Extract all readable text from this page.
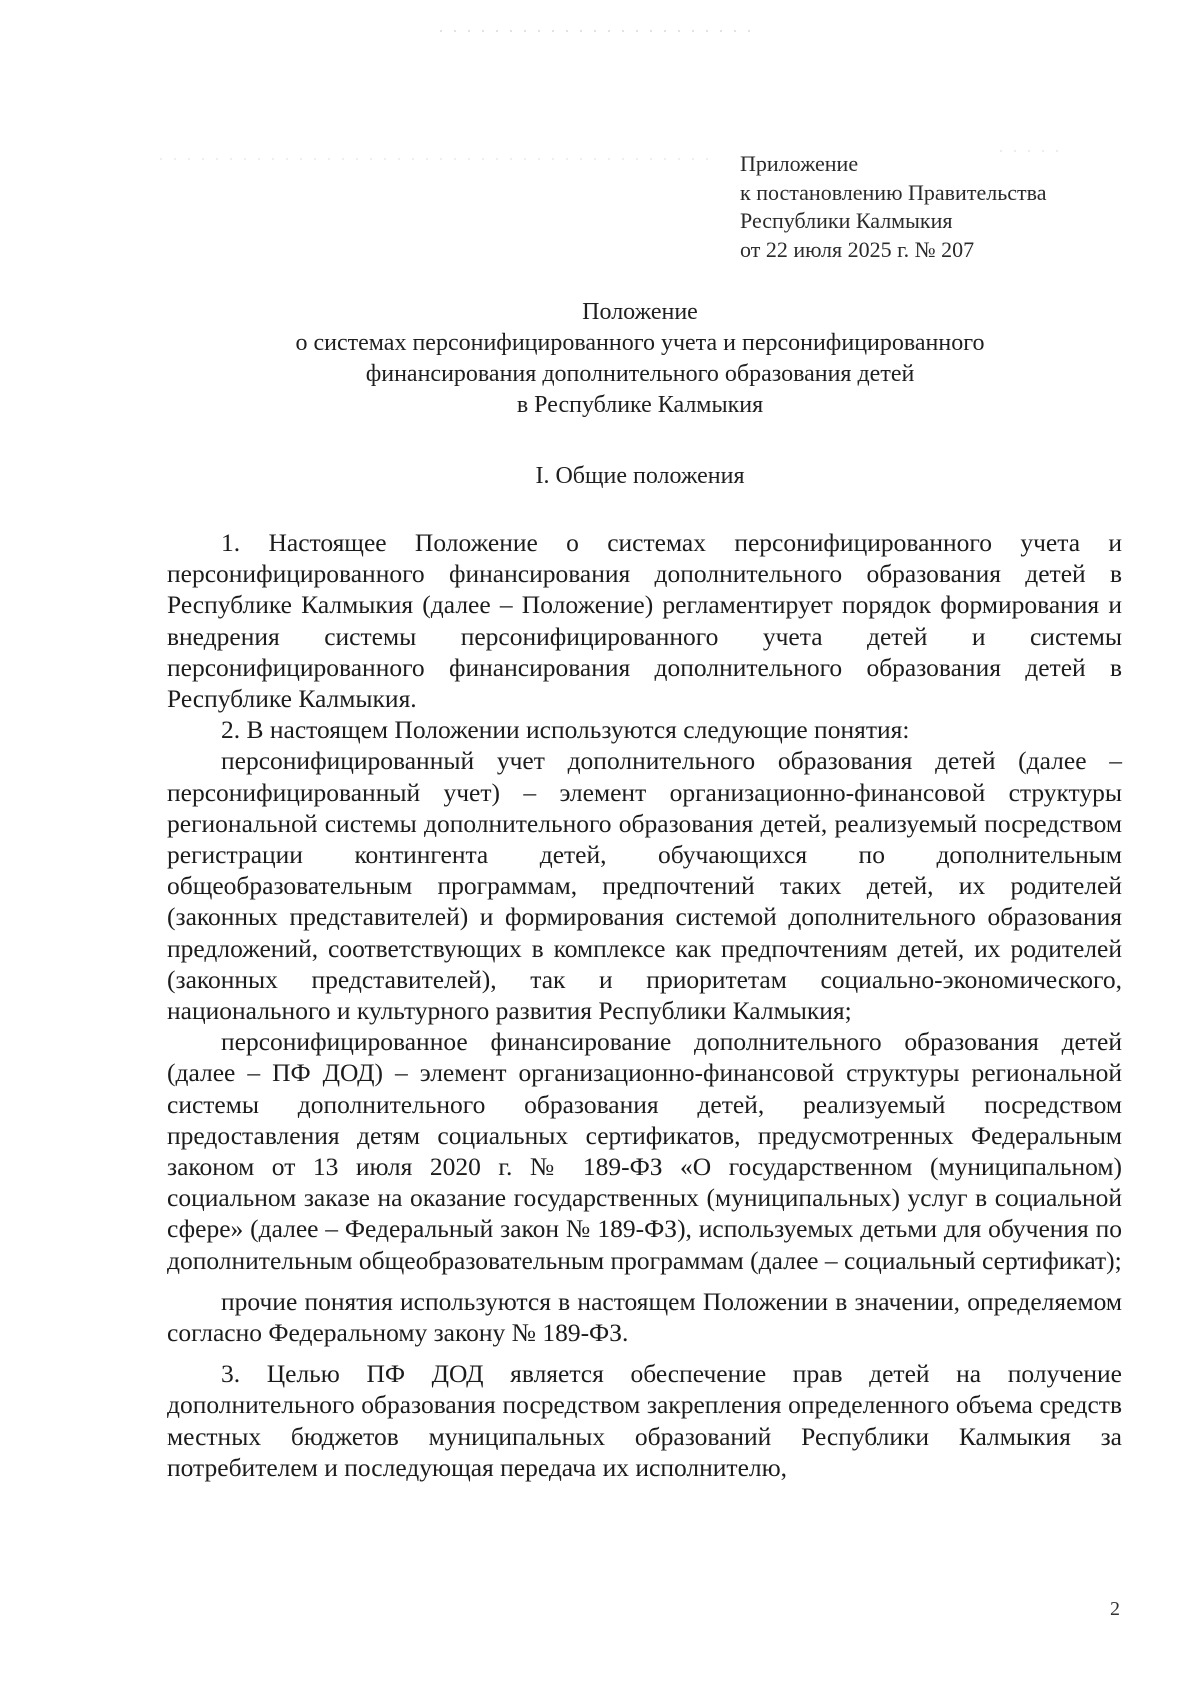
Приложение
к постановлению Правительства
Республики Калмыкия
от 22 июля 2025 г. № 207
Положение
о системах персонифицированного учета и персонифицированного
финансирования дополнительного образования детей
в Республике Калмыкия
I. Общие положения

1. Настоящее Положение о системах персонифицированного учета и персонифицированного финансирования дополнительного образования детей в Республике Калмыкия (далее – Положение) регламентирует порядок формирования и внедрения системы персонифицированного учета детей и системы персонифицированного финансирования дополнительного образования детей в Республике Калмыкия.

2. В настоящем Положении используются следующие понятия:

персонифицированный учет дополнительного образования детей (далее – персонифицированный учет) – элемент организационно-финансовой структуры региональной системы дополнительного образования детей, реализуемый посредством регистрации контингента детей, обучающихся по дополнительным общеобразовательным программам, предпочтений таких детей, их родителей (законных представителей) и формирования системой дополнительного образования предложений, соответствующих в комплексе как предпочтениям детей, их родителей (законных представителей), так и приоритетам социально-экономического, национального и культурного развития Республики Калмыкия;

персонифицированное финансирование дополнительного образования детей (далее – ПФ ДОД) – элемент организационно-финансовой структуры региональной системы дополнительного образования детей, реализуемый посредством предоставления детям социальных сертификатов, предусмотренных Федеральным законом от 13 июля 2020 г. № 189-ФЗ «О государственном (муниципальном) социальном заказе на оказание государственных (муниципальных) услуг в социальной сфере» (далее – Федеральный закон № 189-ФЗ), используемых детьми для обучения по дополнительным общеобразовательным программам (далее – социальный сертификат);

прочие понятия используются в настоящем Положении в значении, определяемом согласно Федеральному закону № 189-ФЗ.

3. Целью ПФ ДОД является обеспечение прав детей на получение дополнительного образования посредством закрепления определенного объема средств местных бюджетов муниципальных образований Республики Калмыкия за потребителем и последующая передача их исполнителю,

2
